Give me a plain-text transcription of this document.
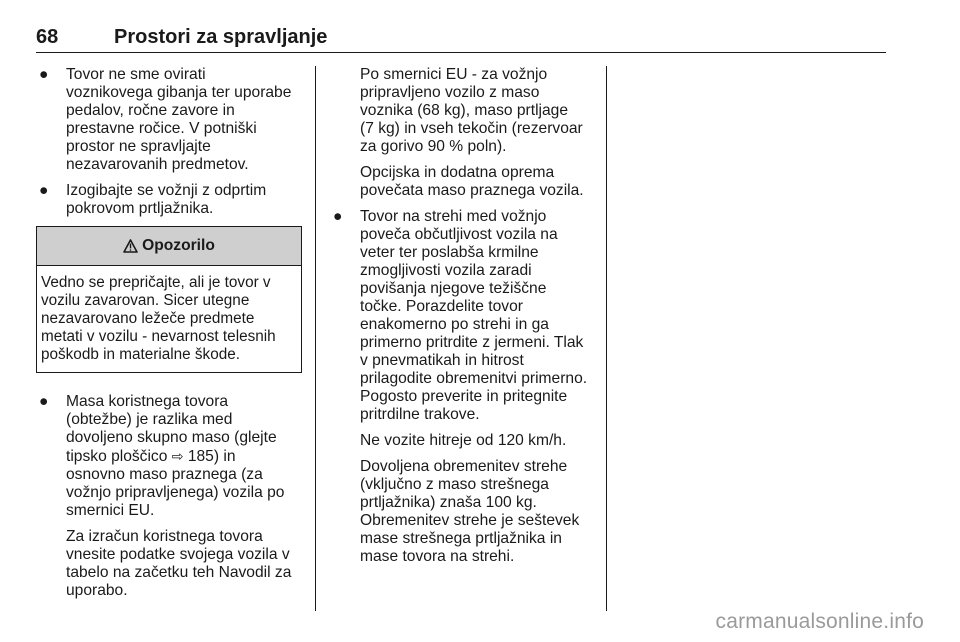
68	Prostori za spravljanje
● Tovor ne sme ovirati
voznikovega gibanja ter uporabe
pedalov, ročne zavore in
prestavne ročice. V potniški
prostor ne spravljajte
nezavarovanih predmetov.
● Izogibajte se vožnji z odprtim
pokrovom prtljažnika.
Opozorilo
Vedno se prepričajte, ali je tovor v
vozilu zavarovan. Sicer utegne
nezavarovano ležeče predmete
metati v vozilu - nevarnost telesnih
poškodb in materialne škode.
● Masa koristnega tovora
(obtežbe) je razlika med
dovoljeno skupno maso (glejte
tipsko ploščico ⇨ 185) in
osnovno maso praznega (za
vožnjo pripravljenega) vozila po
smernici EU.
Za izračun koristnega tovora
vnesite podatke svojega vozila v
tabelo na začetku teh Navodil za
uporabo.
Po smernici EU - za vožnjo
pripravljeno vozilo z maso
voznika (68 kg), maso prtljage
(7 kg) in vseh tekočin (rezervoar
za gorivo 90 % poln).
Opcijska in dodatna oprema
povečata maso praznega vozila.
● Tovor na strehi med vožnjo
poveča občutljivost vozila na
veter ter poslabša krmilne
zmogljivosti vozila zaradi
povišanja njegove težiščne
točke. Porazdelite tovor
enakomerno po strehi in ga
primerno pritrdite z jermeni. Tlak
v pnevmatikah in hitrost
prilagodite obremenitvi primerno.
Pogosto preverite in pritegnite
pritrdilne trakove.
Ne vozite hitreje od 120 km/h.
Dovoljena obremenitev strehe
(vključno z maso strešnega
prtljažnika) znaša 100 kg.
Obremenitev strehe je seštevek
mase strešnega prtljažnika in
mase tovora na strehi.
carmanualsonline.info
